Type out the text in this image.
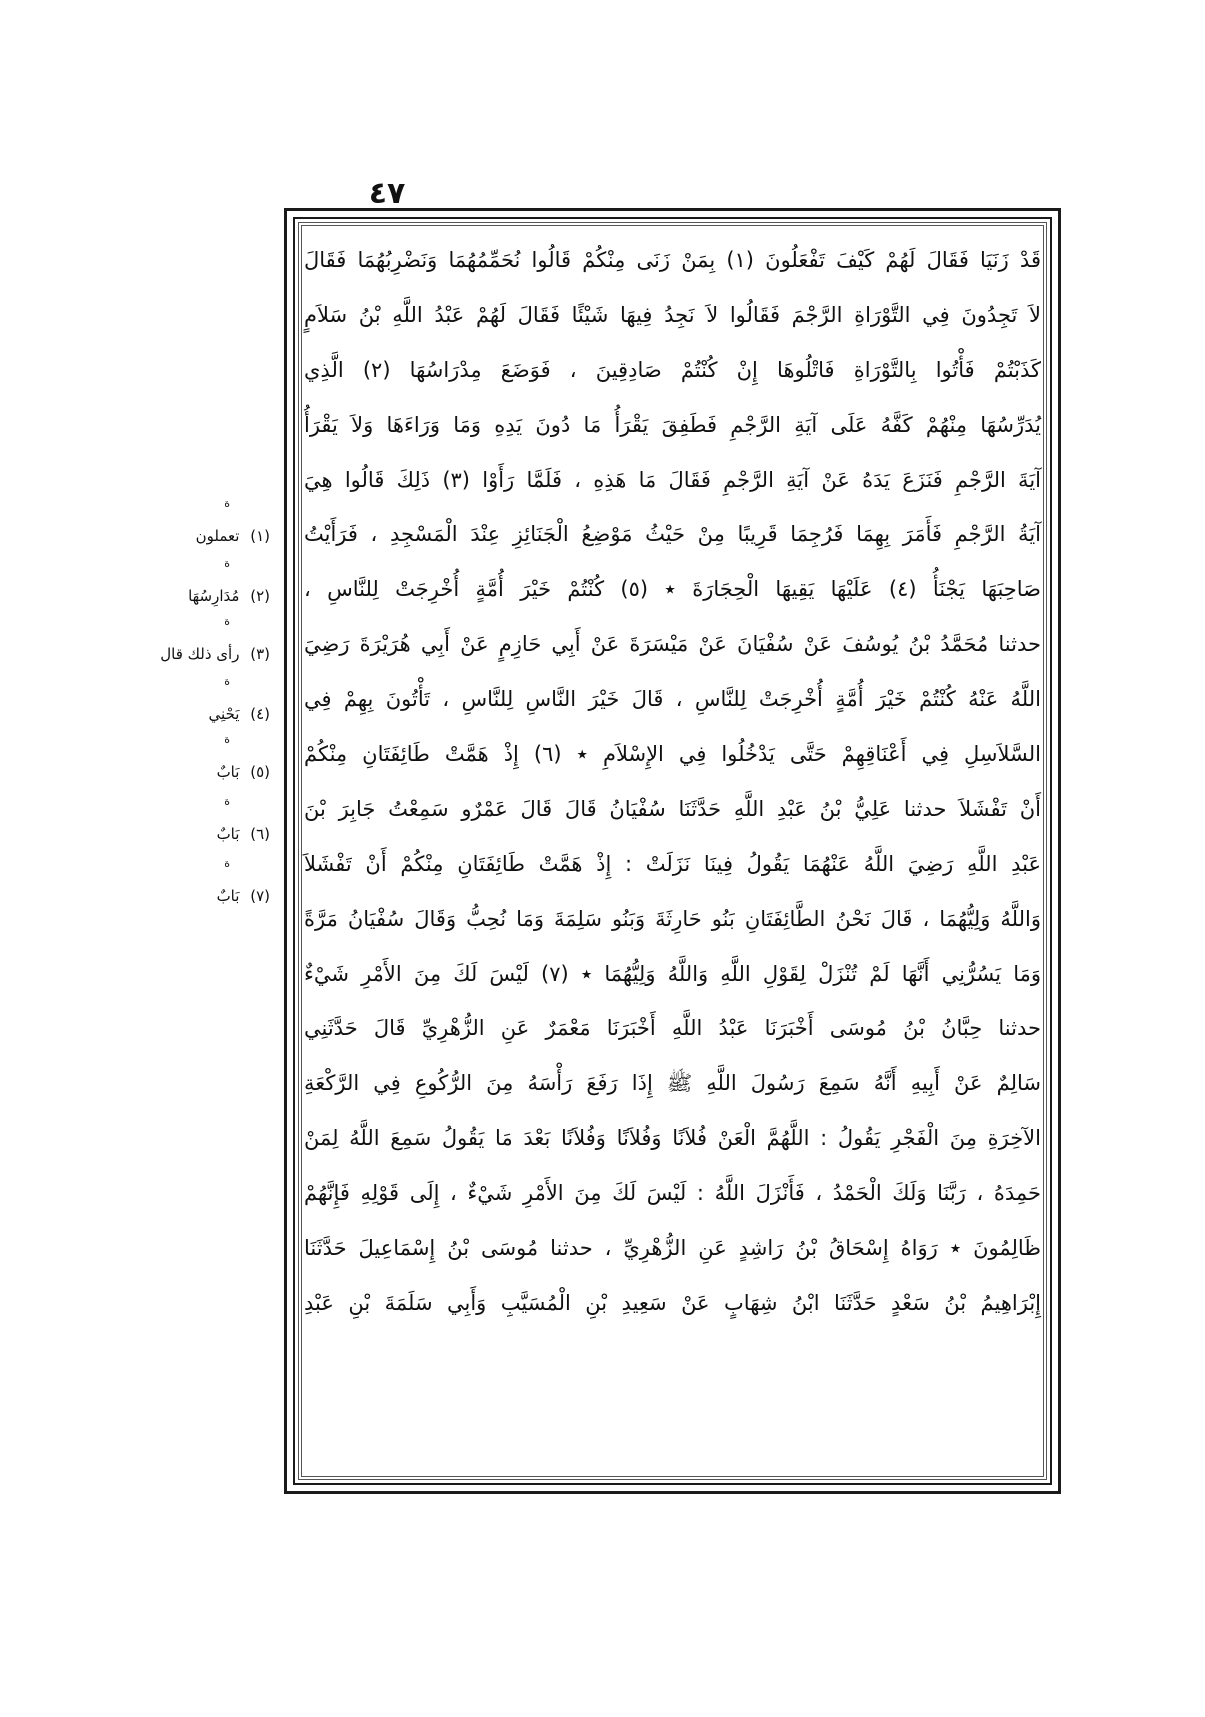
٤٧
قَدْ زَنَيَا فَقَالَ لَهُمْ كَيْفَ تَفْعَلُونَ (١) بِمَنْ زَنَى مِنْكُمْ قَالُوا نُحَمِّمُهُمَا وَنَضْرِبُهُمَا فَقَالَ
لاَ تَجِدُونَ فِي التَّوْرَاةِ الرَّجْمَ فَقَالُوا لاَ نَجِدُ فِيهَا شَيْئًا فَقَالَ لَهُمْ عَبْدُ اللَّهِ بْنُ سَلاَمٍ
كَذَبْتُمْ فَأْتُوا بِالتَّوْرَاةِ فَاتْلُوهَا إِنْ كُنْتُمْ صَادِقِينَ ، فَوَضَعَ مِدْرَاسُهَا (٢) الَّذِي
يُدَرِّسُهَا مِنْهُمْ كَفَّهُ عَلَى آيَةِ الرَّجْمِ فَطَفِقَ يَقْرَأُ مَا دُونَ يَدِهِ وَمَا وَرَاءَهَا وَلاَ يَقْرَأُ
آيَةَ الرَّجْمِ فَنَزَعَ يَدَهُ عَنْ آيَةِ الرَّجْمِ فَقَالَ مَا هَذِهِ ، فَلَمَّا رَأَوْا (٣) ذَلِكَ قَالُوا هِيَ
آيَةُ الرَّجْمِ فَأَمَرَ بِهِمَا فَرُجِمَا قَرِيبًا مِنْ حَيْثُ مَوْضِعُ الْجَنَائِزِ عِنْدَ الْمَسْجِدِ ، فَرَأَيْتُ
صَاحِبَهَا يَجْنَأُ (٤) عَلَيْهَا يَقِيهَا الْحِجَارَةَ ٭ (٥) كُنْتُمْ خَيْرَ أُمَّةٍ أُخْرِجَتْ لِلنَّاسِ ،
حدثنا مُحَمَّدُ بْنُ يُوسُفَ عَنْ سُفْيَانَ عَنْ مَيْسَرَةَ عَنْ أَبِي حَازِمٍ عَنْ أَبِي هُرَيْرَةَ رَضِيَ
اللَّهُ عَنْهُ كُنْتُمْ خَيْرَ أُمَّةٍ أُخْرِجَتْ لِلنَّاسِ ، قَالَ خَيْرَ النَّاسِ لِلنَّاسِ ، تَأْتُونَ بِهِمْ فِي
السَّلاَسِلِ فِي أَعْنَاقِهِمْ حَتَّى يَدْخُلُوا فِي الإِسْلاَمِ ٭ (٦) إِذْ هَمَّتْ طَائِفَتَانِ مِنْكُمْ
أَنْ تَفْشَلاَ حدثنا عَلِيُّ بْنُ عَبْدِ اللَّهِ حَدَّثَنَا سُفْيَانُ قَالَ قَالَ عَمْرٌو سَمِعْتُ جَابِرَ بْنَ
عَبْدِ اللَّهِ رَضِيَ اللَّهُ عَنْهُمَا يَقُولُ فِينَا نَزَلَتْ : إِذْ هَمَّتْ طَائِفَتَانِ مِنْكُمْ أَنْ تَفْشَلاَ
وَاللَّهُ وَلِيُّهُمَا ، قَالَ نَحْنُ الطَّائِفَتَانِ بَنُو حَارِثَةَ وَبَنُو سَلِمَةَ وَمَا نُحِبُّ وَقَالَ سُفْيَانُ مَرَّةً
وَمَا يَسُرُّنِي أَنَّهَا لَمْ تُنْزَلْ لِقَوْلِ اللَّهِ وَاللَّهُ وَلِيُّهُمَا ٭ (٧) لَيْسَ لَكَ مِنَ الأَمْرِ شَيْءٌ
حدثنا حِبَّانُ بْنُ مُوسَى أَخْبَرَنَا عَبْدُ اللَّهِ أَخْبَرَنَا مَعْمَرٌ عَنِ الزُّهْرِيِّ قَالَ حَدَّثَنِي
سَالِمٌ عَنْ أَبِيهِ أَنَّهُ سَمِعَ رَسُولَ اللَّهِ ﷺ إِذَا رَفَعَ رَأْسَهُ مِنَ الرُّكُوعِ فِي الرَّكْعَةِ
الآخِرَةِ مِنَ الْفَجْرِ يَقُولُ : اللَّهُمَّ الْعَنْ فُلاَنًا وَفُلاَنًا وَفُلاَنًا بَعْدَ مَا يَقُولُ سَمِعَ اللَّهُ لِمَنْ
حَمِدَهُ ، رَبَّنَا وَلَكَ الْحَمْدُ ، فَأَنْزَلَ اللَّهُ : لَيْسَ لَكَ مِنَ الأَمْرِ شَيْءٌ ، إِلَى قَوْلِهِ فَإِنَّهُمْ
ظَالِمُونَ ٭ رَوَاهُ إِسْحَاقُ بْنُ رَاشِدٍ عَنِ الزُّهْرِيِّ ، حدثنا مُوسَى بْنُ إِسْمَاعِيلَ حَدَّثَنَا
إِبْرَاهِيمُ بْنُ سَعْدٍ حَدَّثَنَا ابْنُ شِهَابٍ عَنْ سَعِيدِ بْنِ الْمُسَيَّبِ وَأَبِي سَلَمَةَ بْنِ عَبْدِ
ة
(١) تعملون
ة
(٢) مُدَارِسُهَا
ة
(٣) رأى ذلك قال
ة
(٤) يَحْنِي
ة
(٥) بَابٌ
ة
(٦) بَابٌ
ة
(٧) بَابٌ
